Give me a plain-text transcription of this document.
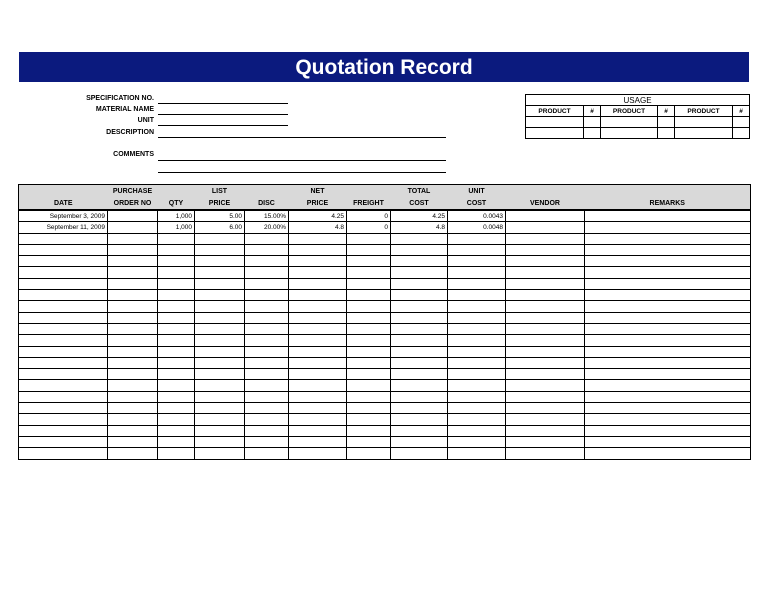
Quotation Record
SPECIFICATION NO.
MATERIAL NAME
UNIT
DESCRIPTION
COMMENTS
USAGE					
PRODUCT	#	PRODUCT	#	PRODUCT	#

	PURCHASE		LIST		NET		TOTAL	UNIT		
DATE	ORDER NO	QTY	PRICE	DISC	PRICE	FREIGHT	COST	COST	VENDOR	REMARKS
September 3, 2009		1,000	5.00	15.00%	4.25	0	4.25	0.0043		
September 11, 2009		1,000	6.00	20.00%	4.8	0	4.8	0.0048		
